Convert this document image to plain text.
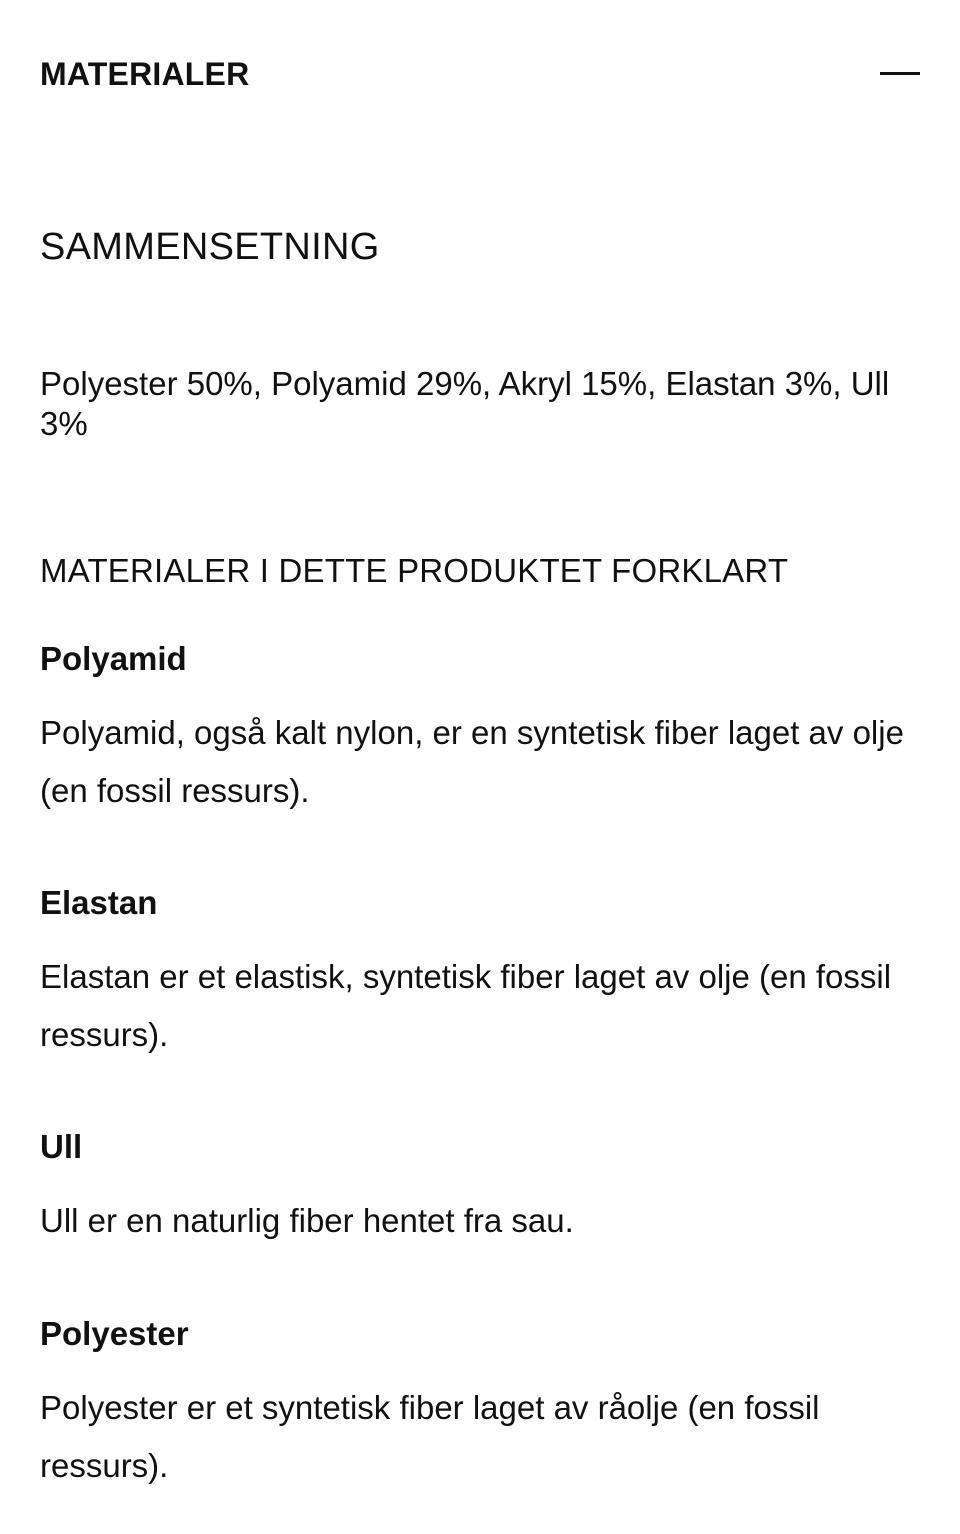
MATERIALER
SAMMENSETNING
Polyester 50%, Polyamid 29%, Akryl 15%, Elastan 3%, Ull 3%
MATERIALER I DETTE PRODUKTET FORKLART

Polyamid

Polyamid, også kalt nylon, er en syntetisk fiber laget av olje (en fossil ressurs).

Elastan

Elastan er et elastisk, syntetisk fiber laget av olje (en fossil ressurs).

Ull

Ull er en naturlig fiber hentet fra sau.

Polyester

Polyester er et syntetisk fiber laget av råolje (en fossil ressurs).
